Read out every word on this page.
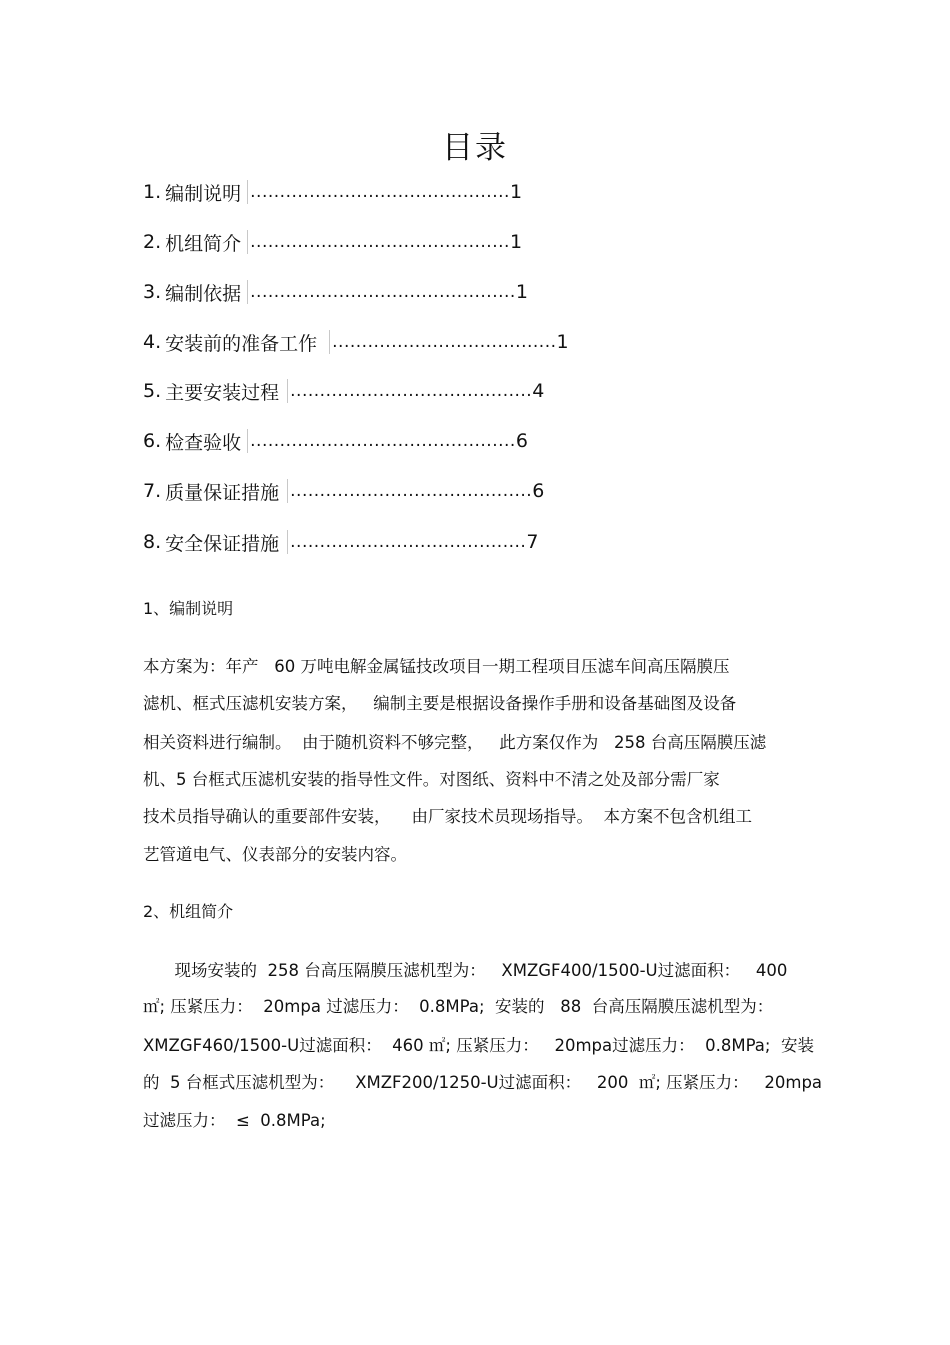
目录
1. 编制说明 ............................................ 1
2. 机组简介 ............................................ 1
3. 编制依据 ............................................. 1
4. 安装前的准备工作 ...................................... 1
5. 主要安装过程 ......................................... 4
6. 检查验收 ............................................. 6
7. 质量保证措施 ......................................... 6
8. 安全保证措施 ........................................ 7
1、编制说明
本方案为：年产   60 万吨电解金属锰技改项目一期工程项目压滤车间高压隔膜压
滤机、框式压滤机安装方案，   编制主要是根据设备操作手册和设备基础图及设备
相关资料进行编制。  由于随机资料不够完整，   此方案仅作为   258 台高压隔膜压滤
机、5 台框式压滤机安装的指导性文件。对图纸、资料中不清之处及部分需厂家
技术员指导确认的重要部件安装，    由厂家技术员现场指导。  本方案不包含机组工
艺管道电气、仪表部分的安装内容。
2、机组简介
现场安装的  258 台高压隔膜压滤机型为：   XMZGF400/1500-U过滤面积：   400
㎡; 压紧压力：  20mpa 过滤压力：  0.8MPa;  安装的   88  台高压隔膜压滤机型为：
XMZGF460/1500-U过滤面积：  460 ㎡; 压紧压力：   20mpa过滤压力：  0.8MPa;  安装
的  5 台框式压滤机型为：    XMZF200/1250-U过滤面积：   200  ㎡; 压紧压力：   20mpa
过滤压力：  ≤  0.8MPa;
